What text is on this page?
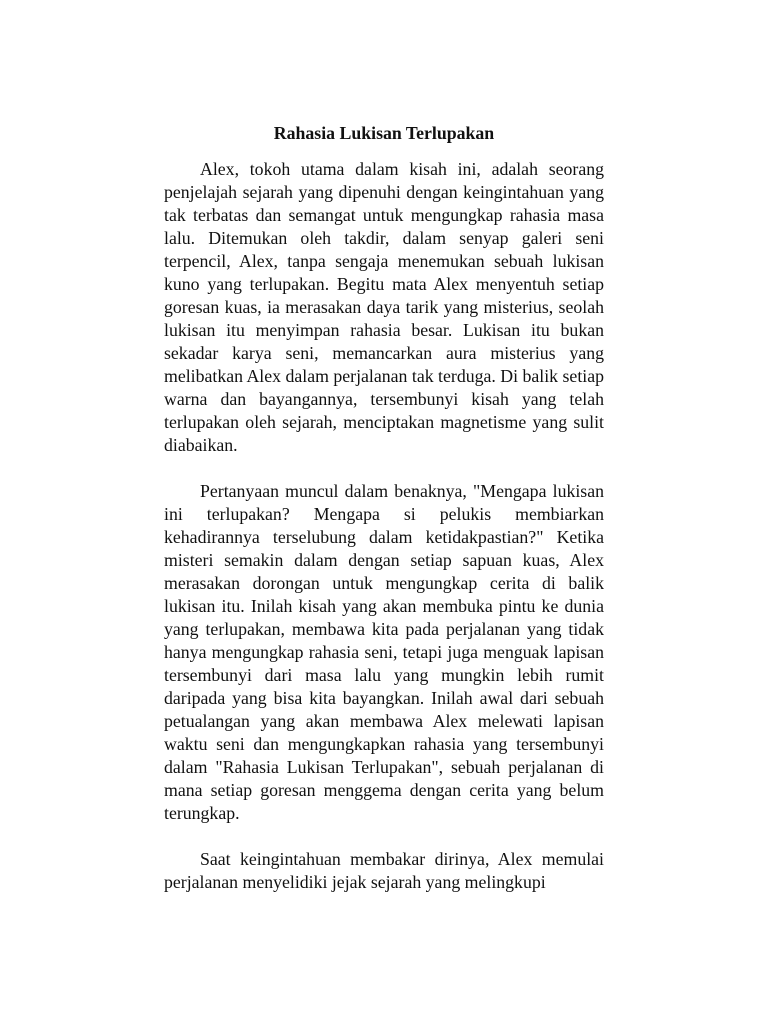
Rahasia Lukisan Terlupakan

Alex, tokoh utama dalam kisah ini, adalah seorang penjelajah sejarah yang dipenuhi dengan keingintahuan yang tak terbatas dan semangat untuk mengungkap rahasia masa lalu. Ditemukan oleh takdir, dalam senyap galeri seni terpencil, Alex, tanpa sengaja menemukan sebuah lukisan kuno yang terlupakan. Begitu mata Alex menyentuh setiap goresan kuas, ia merasakan daya tarik yang misterius, seolah lukisan itu menyimpan rahasia besar. Lukisan itu bukan sekadar karya seni, memancarkan aura misterius yang melibatkan Alex dalam perjalanan tak terduga. Di balik setiap warna dan bayangannya, tersembunyi kisah yang telah terlupakan oleh sejarah, menciptakan magnetisme yang sulit diabaikan.

Pertanyaan muncul dalam benaknya, "Mengapa lukisan ini terlupakan? Mengapa si pelukis membiarkan kehadirannya terselubung dalam ketidakpastian?" Ketika misteri semakin dalam dengan setiap sapuan kuas, Alex merasakan dorongan untuk mengungkap cerita di balik lukisan itu. Inilah kisah yang akan membuka pintu ke dunia yang terlupakan, membawa kita pada perjalanan yang tidak hanya mengungkap rahasia seni, tetapi juga menguak lapisan tersembunyi dari masa lalu yang mungkin lebih rumit daripada yang bisa kita bayangkan. Inilah awal dari sebuah petualangan yang akan membawa Alex melewati lapisan waktu seni dan mengungkapkan rahasia yang tersembunyi dalam "Rahasia Lukisan Terlupakan", sebuah perjalanan di mana setiap goresan menggema dengan cerita yang belum terungkap.

Saat keingintahuan membakar dirinya, Alex memulai perjalanan menyelidiki jejak sejarah yang melingkupi
